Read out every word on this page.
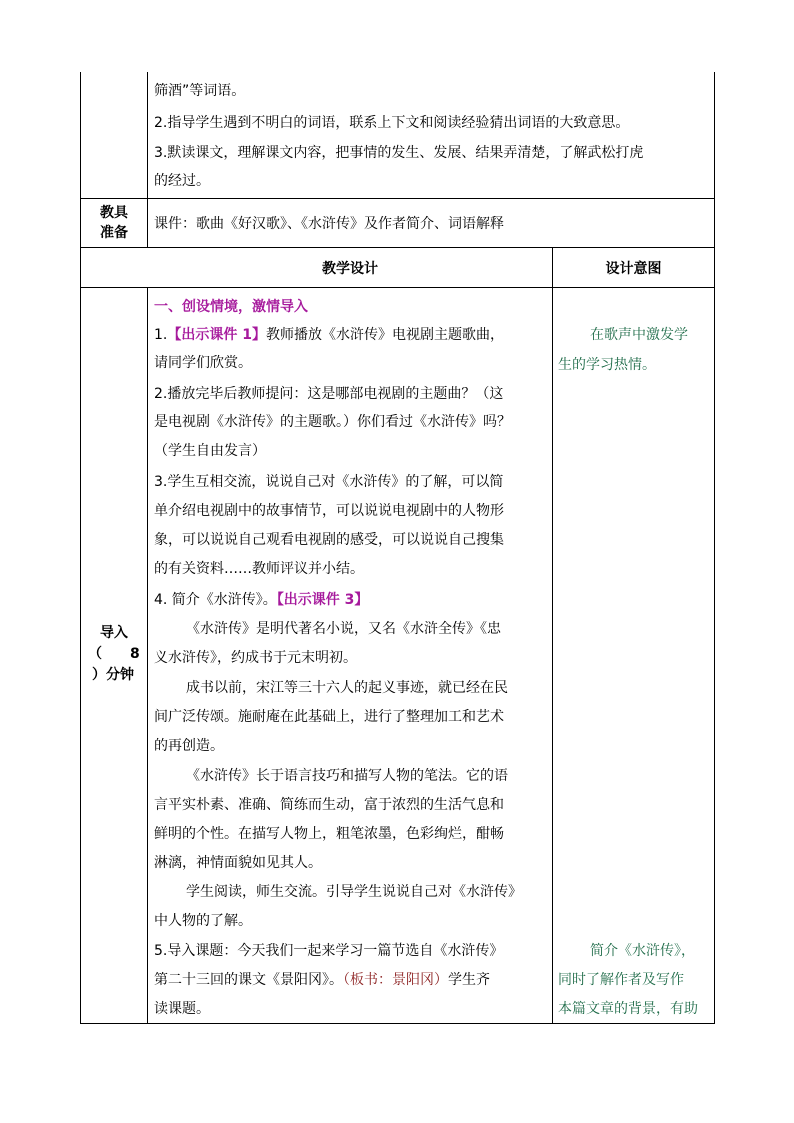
筛酒”等词语。
2.指导学生遇到不明白的词语，联系上下文和阅读经验猜出词语的大致意思。
3.默读课文，理解课文内容，把事情的发生、发展、结果弄清楚，了解武松打虎
的经过。
教具
准备
课件：歌曲《好汉歌》、《水浒传》及作者简介、词语解释
教学设计	设计意图
导入
（ 8
）分钟
一、创设情境，激情导入
1.【出示课件 1】教师播放《水浒传》电视剧主题歌曲，
请同学们欣赏。
2.播放完毕后教师提问：这是哪部电视剧的主题曲？（这
是电视剧《水浒传》的主题歌。）你们看过《水浒传》吗？
（学生自由发言）
3.学生互相交流，说说自己对《水浒传》的了解，可以简
单介绍电视剧中的故事情节，可以说说电视剧中的人物形
象，可以说说自己观看电视剧的感受，可以说说自己搜集
的有关资料……教师评议并小结。
4. 简介《水浒传》。【出示课件 3】
《水浒传》是明代著名小说，又名《水浒全传》《忠
义水浒传》，约成书于元末明初。
成书以前，宋江等三十六人的起义事迹，就已经在民
间广泛传颂。施耐庵在此基础上，进行了整理加工和艺术
的再创造。
《水浒传》长于语言技巧和描写人物的笔法。它的语
言平实朴素、准确、简练而生动，富于浓烈的生活气息和
鲜明的个性。在描写人物上，粗笔浓墨，色彩绚烂，酣畅
淋漓，神情面貌如见其人。
学生阅读，师生交流。引导学生说说自己对《水浒传》
中人物的了解。
5.导入课题：今天我们一起来学习一篇节选自《水浒传》
第二十三回的课文《景阳冈》。（板书：景阳冈）学生齐
读课题。
在歌声中激发学
生的学习热情。
简介《水浒传》，
同时了解作者及写作
本篇文章的背景，有助
